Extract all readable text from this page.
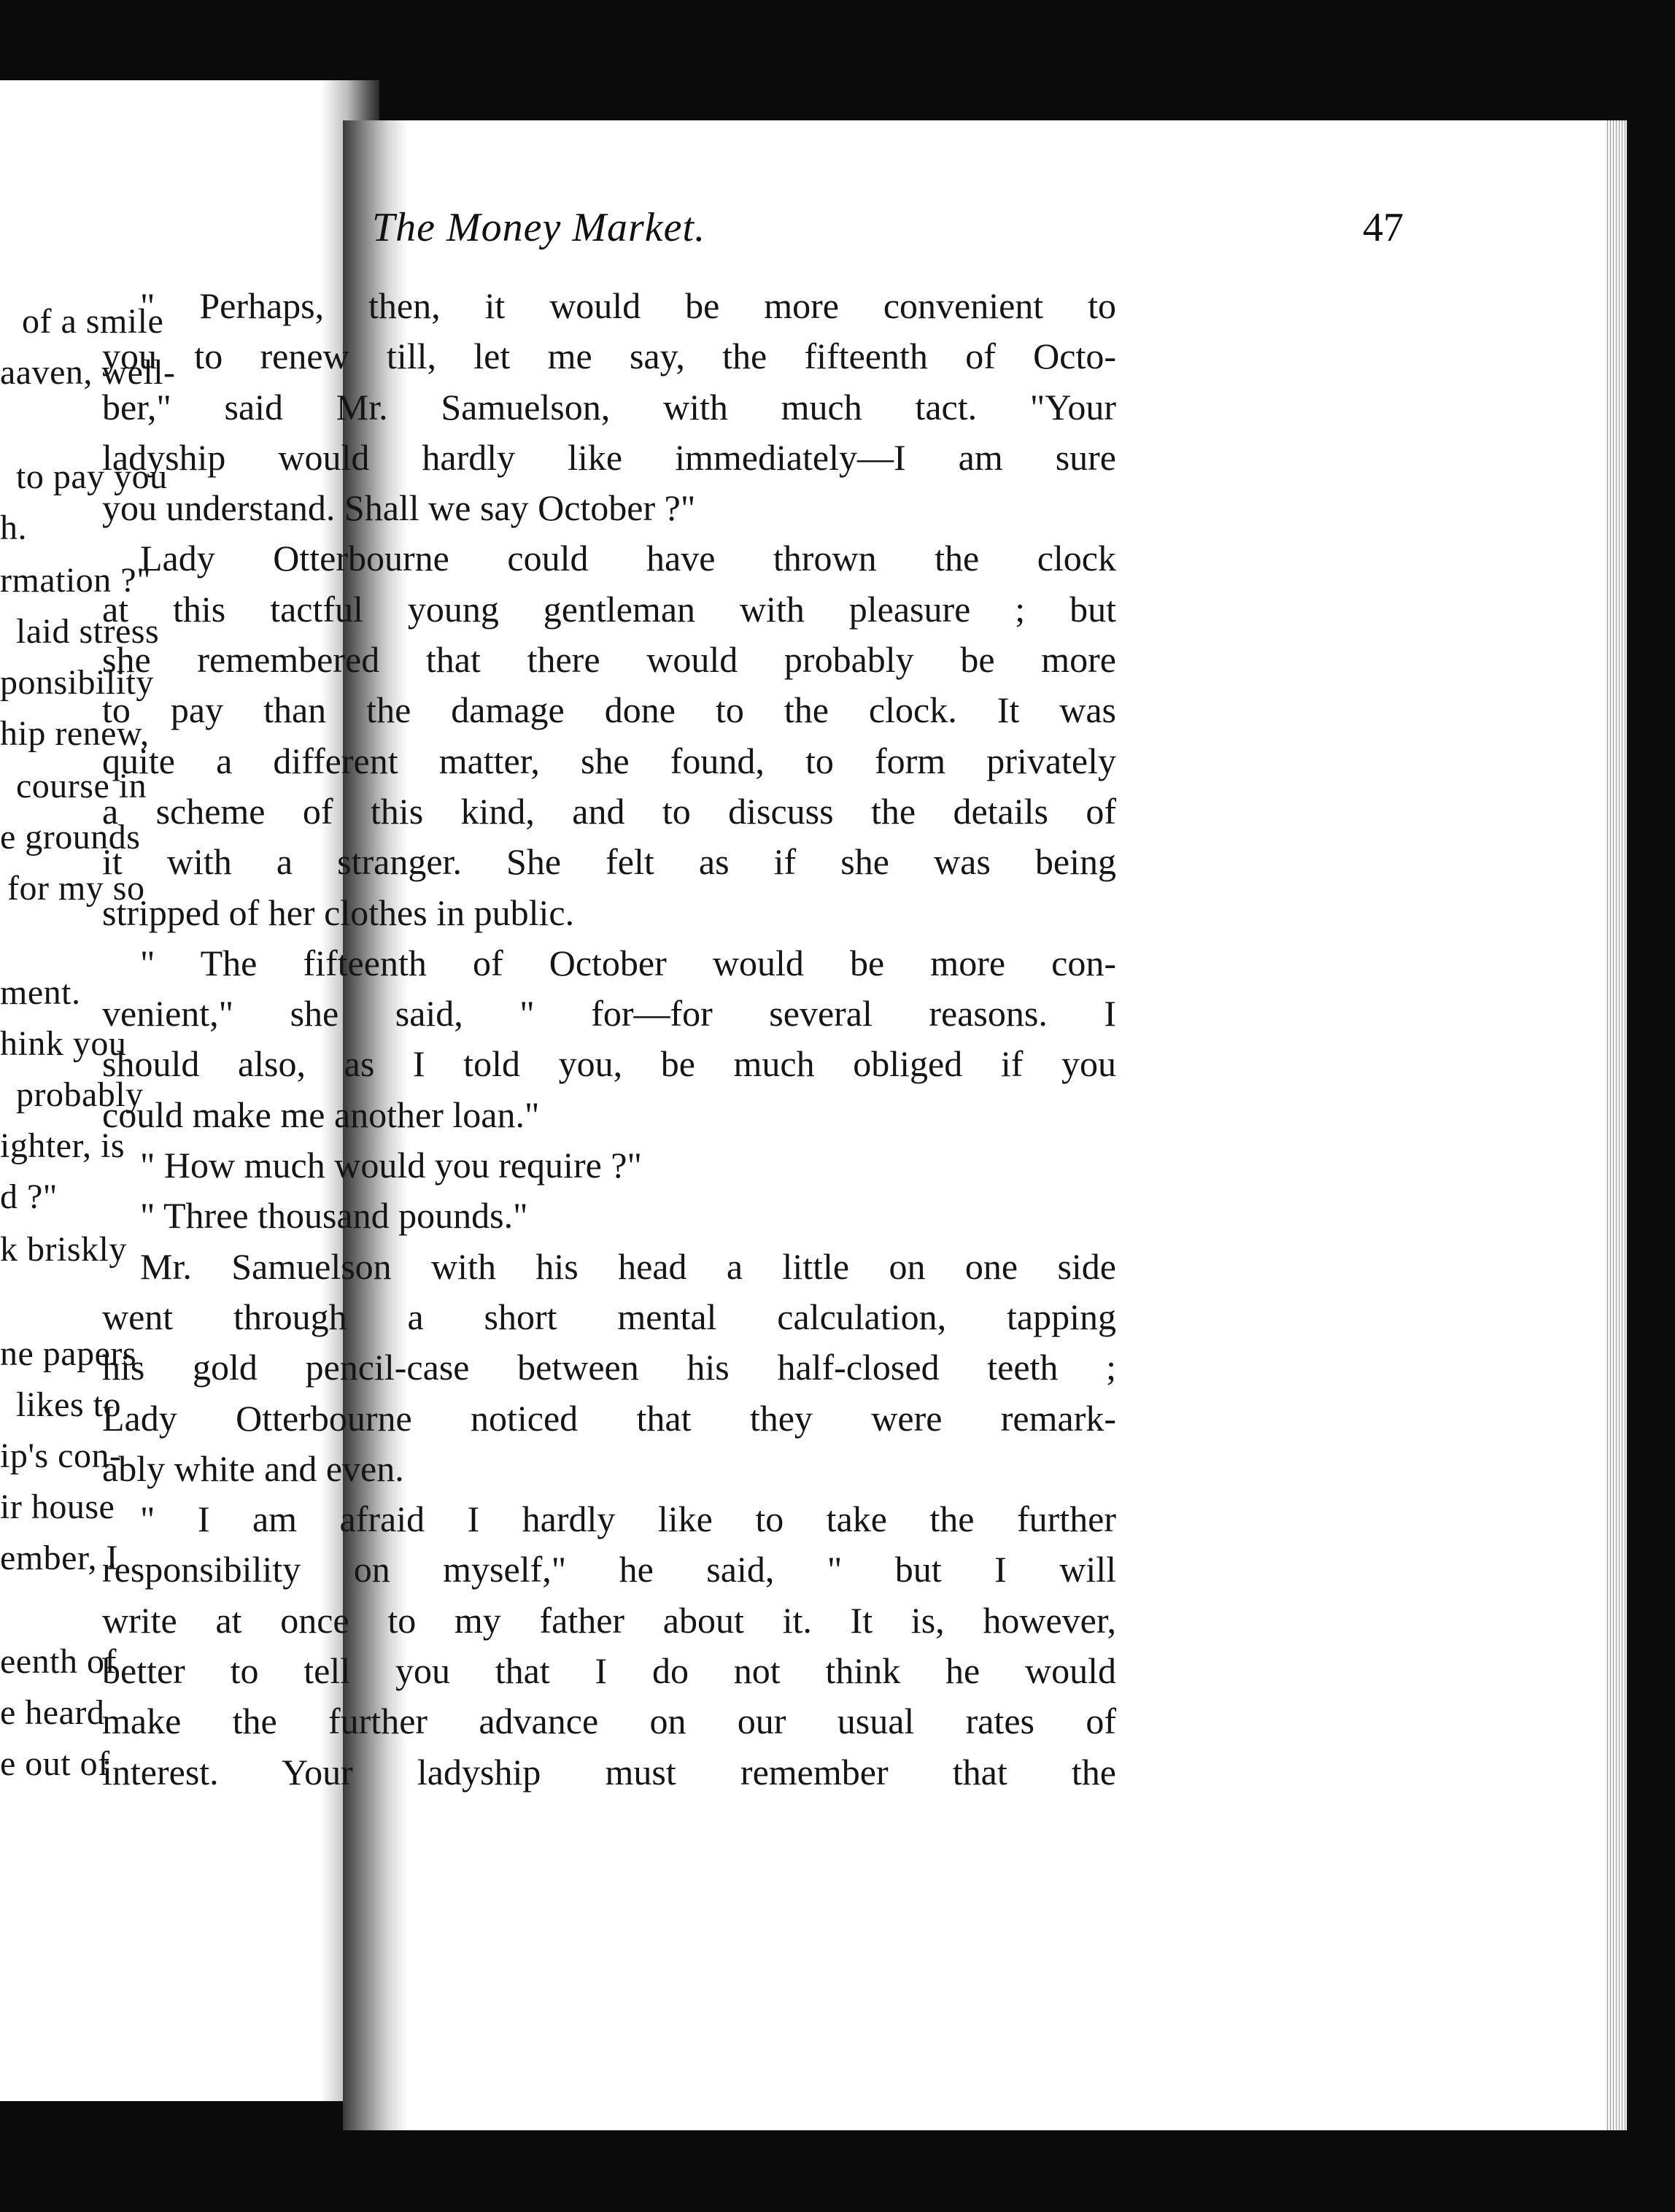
of a smile
aaven, well-
to pay you
h.
rmation ?"
laid stress
ponsibility
hip renew,
course in
e grounds
for my so
ment.
hink you
probably
ighter, is
d ?"
k briskly
ne papers
likes to
ip's con-
ir house
ember, I
eenth of
e heard
e out of
The Money Market.	47
" Perhaps, then, it would be more convenient to
you to renew till, let me say, the fifteenth of Octo-
ber," said Mr. Samuelson, with much tact. "Your
ladyship would hardly like immediately—I am sure
you understand. Shall we say October ?"
Lady Otterbourne could have thrown the clock
at this tactful young gentleman with pleasure ; but
she remembered that there would probably be more
to pay than the damage done to the clock. It was
quite a different matter, she found, to form privately
a scheme of this kind, and to discuss the details of
it with a stranger. She felt as if she was being
stripped of her clothes in public.
" The fifteenth of October would be more con-
venient," she said, " for—for several reasons. I
should also, as I told you, be much obliged if you
could make me another loan."
" How much would you require ?"
" Three thousand pounds."
Mr. Samuelson with his head a little on one side
went through a short mental calculation, tapping
his gold pencil-case between his half-closed teeth ;
Lady Otterbourne noticed that they were remark-
ably white and even.
" I am afraid I hardly like to take the further
responsibility on myself," he said, " but I will
write at once to my father about it. It is, however,
better to tell you that I do not think he would
make the further advance on our usual rates of
interest. Your ladyship must remember that the
